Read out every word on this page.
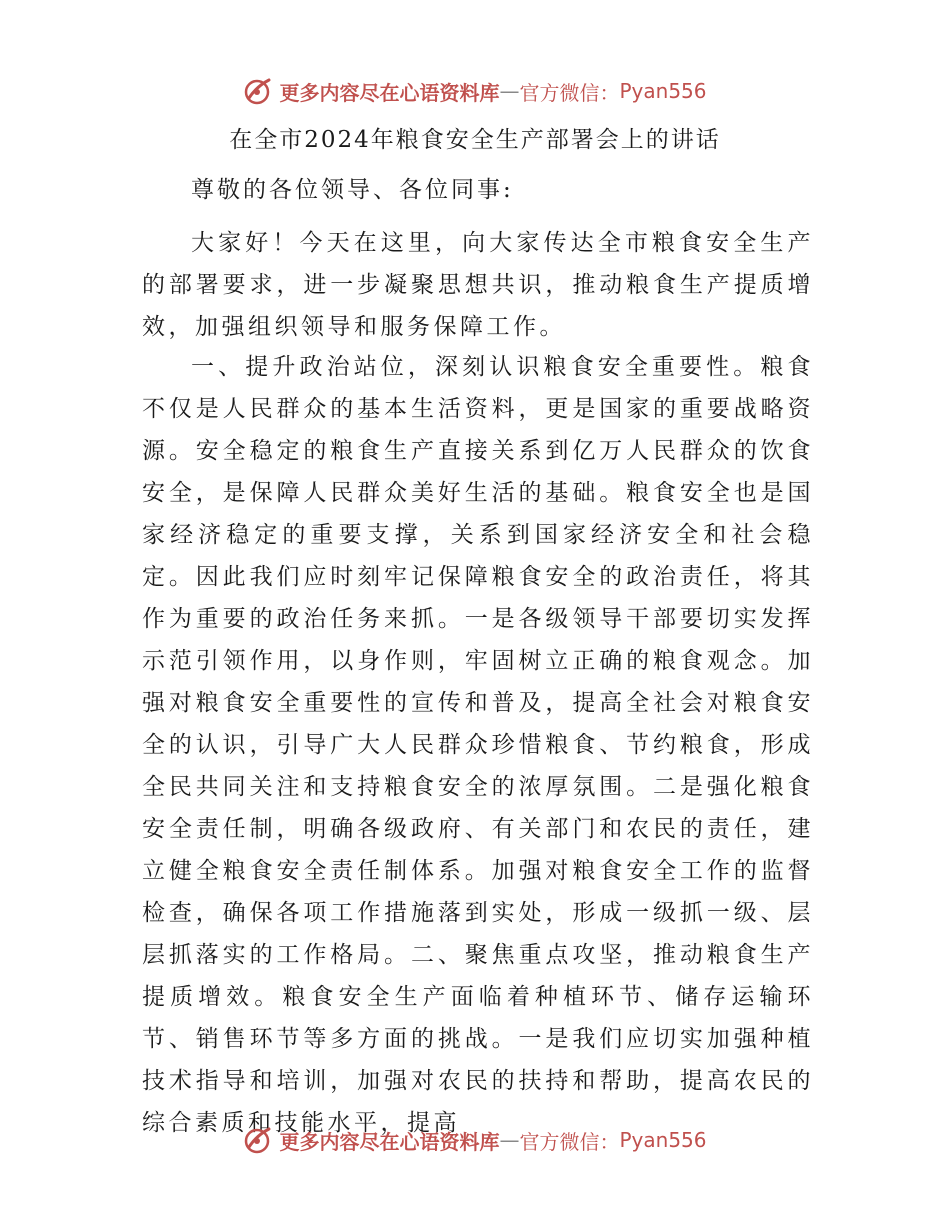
更多内容尽在心语资料库 — 官方微信： Pyan556
在全市2024年粮食安全生产部署会上的讲话
尊敬的各位领导、各位同事:

大家好！今天在这里，向大家传达全市粮食安全生产的部署要求，进一步凝聚思想共识，推动粮食生产提质增效，加强组织领导和服务保障工作。

一、提升政治站位，深刻认识粮食安全重要性。粮食不仅是人民群众的基本生活资料，更是国家的重要战略资源。安全稳定的粮食生产直接关系到亿万人民群众的饮食安全，是保障人民群众美好生活的基础。粮食安全也是国家经济稳定的重要支撑，关系到国家经济安全和社会稳定。因此我们应时刻牢记保障粮食安全的政治责任，将其作为重要的政治任务来抓。一是各级领导干部要切实发挥示范引领作用，以身作则，牢固树立正确的粮食观念。加强对粮食安全重要性的宣传和普及，提高全社会对粮食安全的认识，引导广大人民群众珍惜粮食、节约粮食，形成全民共同关注和支持粮食安全的浓厚氛围。二是强化粮食安全责任制，明确各级政府、有关部门和农民的责任，建立健全粮食安全责任制体系。加强对粮食安全工作的监督检查，确保各项工作措施落到实处，形成一级抓一级、层层抓落实的工作格局。二、聚焦重点攻坚，推动粮食生产提质增效。粮食安全生产面临着种植环节、储存运输环节、销售环节等多方面的挑战。一是我们应切实加强种植技术指导和培训，加强对农民的扶持和帮助，提高农民的综合素质和技能水平，提高

更多内容尽在心语资料库 — 官方微信： Pyan556
